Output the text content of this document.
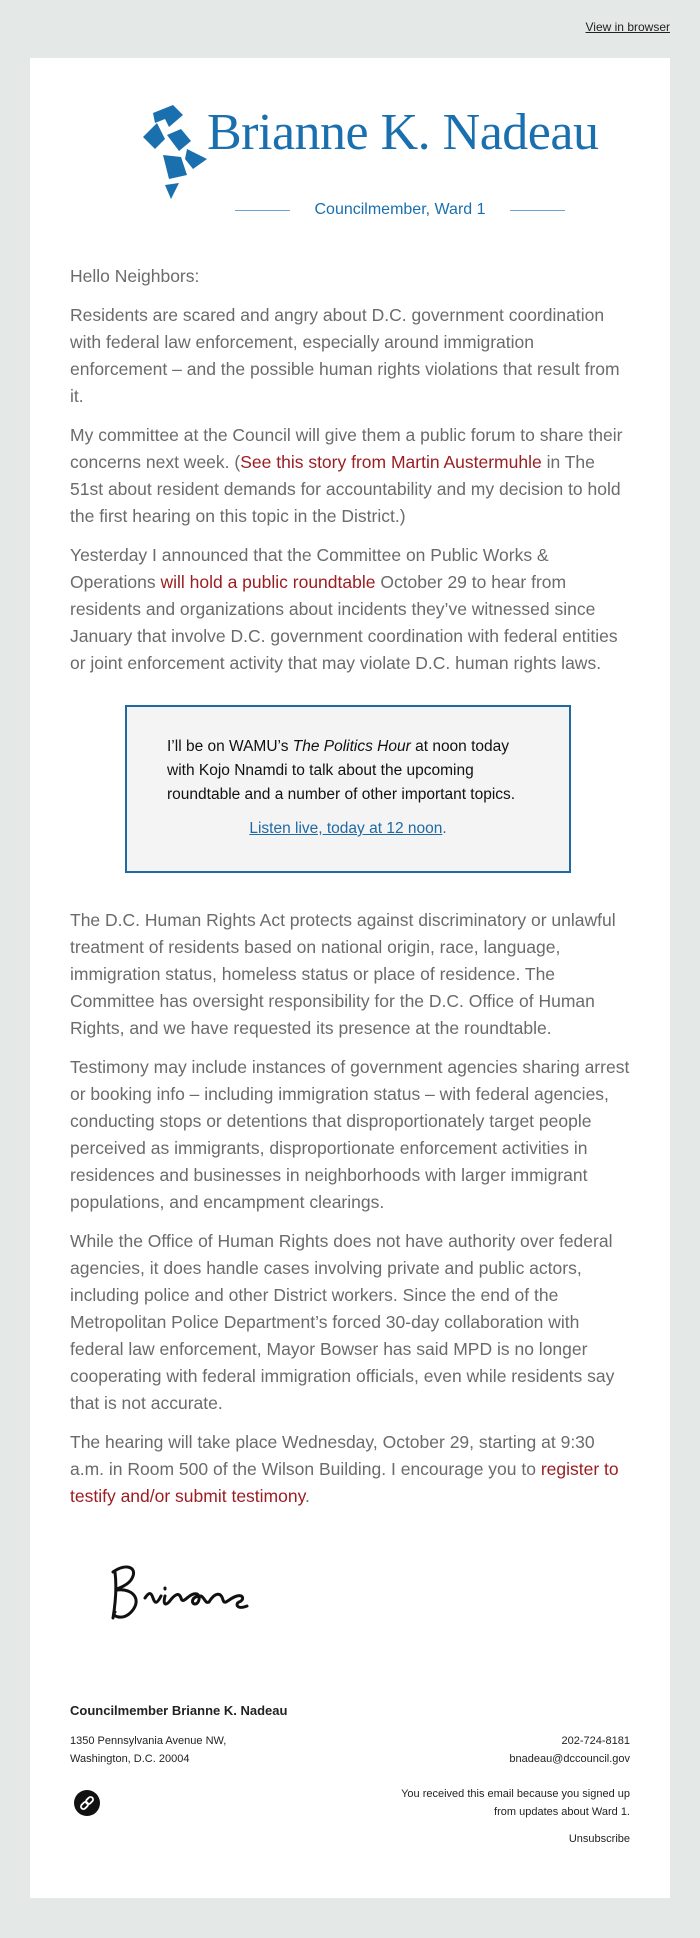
View in browser
Brianne K. Nadeau
Councilmember, Ward 1

Hello Neighbors:

Residents are scared and angry about D.C. government coordination with federal law enforcement, especially around immigration enforcement – and the possible human rights violations that result from it.

My committee at the Council will give them a public forum to share their concerns next week. (See this story from Martin Austermuhle in The 51st about resident demands for accountability and my decision to hold the first hearing on this topic in the District.)

Yesterday I announced that the Committee on Public Works & Operations will hold a public roundtable October 29 to hear from residents and organizations about incidents they’ve witnessed since January that involve D.C. government coordination with federal entities or joint enforcement activity that may violate D.C. human rights laws.

I’ll be on WAMU’s The Politics Hour at noon today with Kojo Nnamdi to talk about the upcoming roundtable and a number of other important topics.
Listen live, today at 12 noon.

The D.C. Human Rights Act protects against discriminatory or unlawful treatment of residents based on national origin, race, language, immigration status, homeless status or place of residence. The Committee has oversight responsibility for the D.C. Office of Human Rights, and we have requested its presence at the roundtable.

Testimony may include instances of government agencies sharing arrest or booking info – including immigration status – with federal agencies, conducting stops or detentions that disproportionately target people perceived as immigrants, disproportionate enforcement activities in residences and businesses in neighborhoods with larger immigrant populations, and encampment clearings.

While the Office of Human Rights does not have authority over federal agencies, it does handle cases involving private and public actors, including police and other District workers. Since the end of the Metropolitan Police Department’s forced 30-day collaboration with federal law enforcement, Mayor Bowser has said MPD is no longer cooperating with federal immigration officials, even while residents say that is not accurate.

The hearing will take place Wednesday, October 29, starting at 9:30 a.m. in Room 500 of the Wilson Building. I encourage you to register to testify and/or submit testimony.

Councilmember Brianne K. Nadeau
1350 Pennsylvania Avenue NW,
Washington, D.C. 20004
202-724-8181
bnadeau@dccouncil.gov
You received this email because you signed up
from updates about Ward 1.
Unsubscribe
